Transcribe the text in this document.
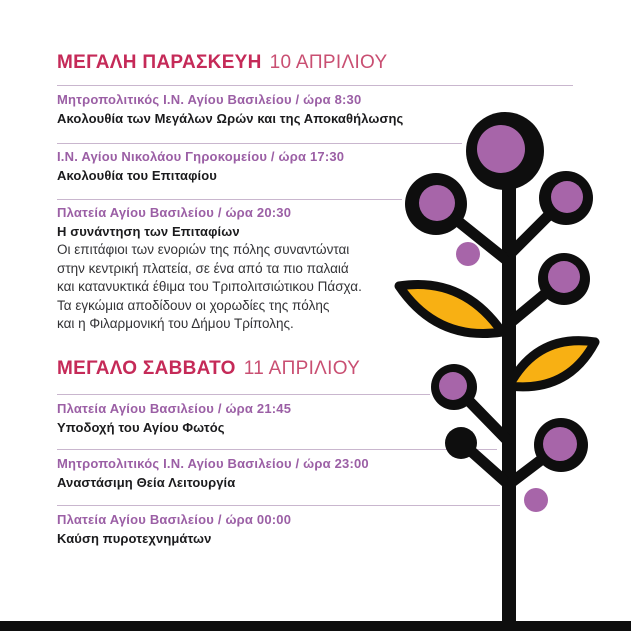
ΜΕΓΑΛΗ ΠΑΡΑΣΚΕΥΗ 10 ΑΠΡΙΛΙΟΥ
Μητροπολιτικός Ι.Ν. Αγίου Βασιλείου / ώρα 8:30
Ακολουθία των Μεγάλων Ωρών και της Αποκαθήλωσης
Ι.Ν. Αγίου Νικολάου Γηροκομείου / ώρα 17:30
Ακολουθία του Επιταφίου
Πλατεία Αγίου Βασιλείου / ώρα 20:30
Η συνάντηση των Επιταφίων
Οι επιτάφιοι των ενοριών της πόλης συναντώνται
στην κεντρική πλατεία, σε ένα από τα πιο παλαιά
και κατανυκτικά έθιμα του Τριπολιτσιώτικου Πάσχα.
Τα εγκώμια αποδίδουν οι χορωδίες της πόλης
και η Φιλαρμονική του Δήμου Τρίπολης.
ΜΕΓΑΛΟ ΣΑΒΒΑΤΟ 11 ΑΠΡΙΛΙΟΥ
Πλατεία Αγίου Βασιλείου / ώρα 21:45
Υποδοχή του Αγίου Φωτός
Μητροπολιτικός Ι.Ν. Αγίου Βασιλείου / ώρα 23:00
Αναστάσιμη Θεία Λειτουργία
Πλατεία Αγίου Βασιλείου / ώρα 00:00
Καύση πυροτεχνημάτων
